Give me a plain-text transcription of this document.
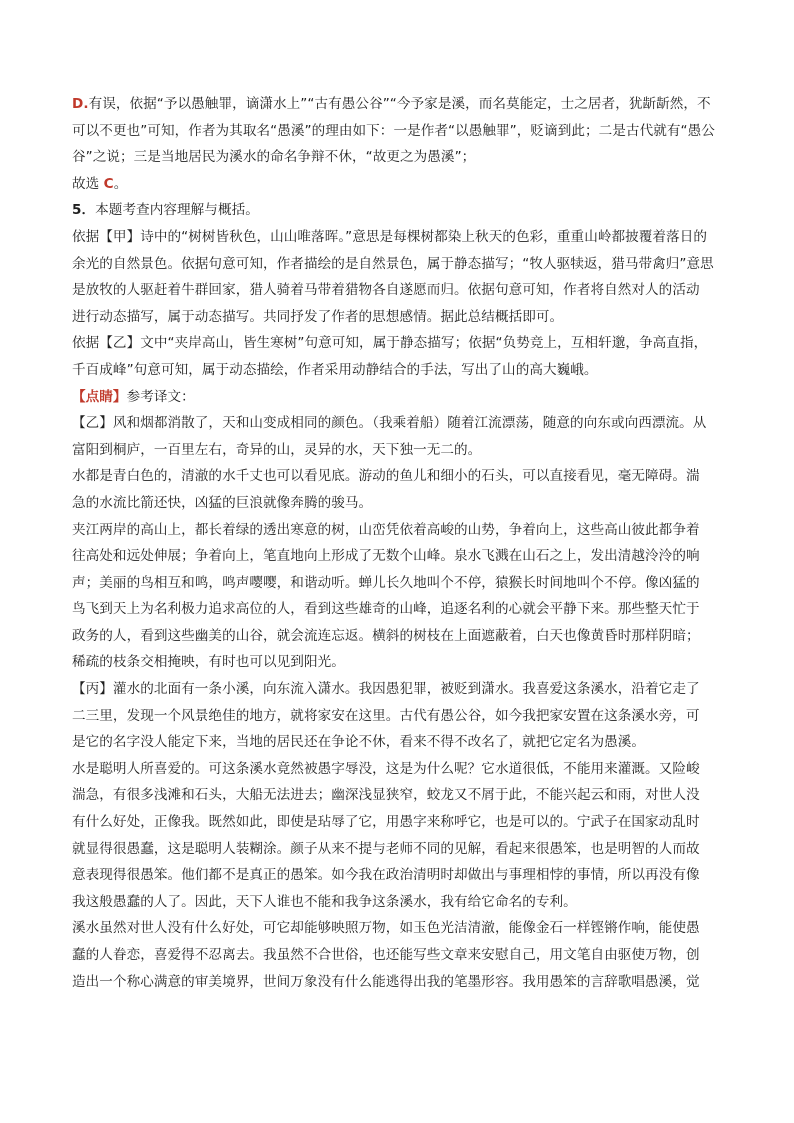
D.有误，依据“予以愚触罪，谪潇水上”“古有愚公谷”“今予家是溪，而名莫能定，士之居者，犹龂龂然，不
可以不更也”可知，作者为其取名“愚溪”的理由如下：一是作者“以愚触罪”，贬谪到此；二是古代就有“愚公
谷”之说；三是当地居民为溪水的命名争辩不休，“故更之为愚溪”；
故选 C。
5．本题考查内容理解与概括。
依据【甲】诗中的“树树皆秋色，山山唯落晖。”意思是每棵树都染上秋天的色彩，重重山岭都披覆着落日的
余光的自然景色。依据句意可知，作者描绘的是自然景色，属于静态描写；“牧人驱犊返，猎马带禽归”意思
是放牧的人驱赶着牛群回家，猎人骑着马带着猎物各自遂愿而归。依据句意可知，作者将自然对人的活动
进行动态描写，属于动态描写。共同抒发了作者的思想感情。据此总结概括即可。
依据【乙】文中“夹岸高山，皆生寒树”句意可知，属于静态描写；依据“负势竞上，互相轩邈，争高直指，
千百成峰”句意可知，属于动态描绘，作者采用动静结合的手法，写出了山的高大巍峨。
【点睛】参考译文：
【乙】风和烟都消散了，天和山变成相同的颜色。（我乘着船）随着江流漂荡，随意的向东或向西漂流。从
富阳到桐庐，一百里左右，奇异的山，灵异的水，天下独一无二的。
水都是青白色的，清澈的水千丈也可以看见底。游动的鱼儿和细小的石头，可以直接看见，毫无障碍。湍
急的水流比箭还快，凶猛的巨浪就像奔腾的骏马。
夹江两岸的高山上，都长着绿的透出寒意的树，山峦凭依着高峻的山势，争着向上，这些高山彼此都争着
往高处和远处伸展；争着向上，笔直地向上形成了无数个山峰。泉水飞溅在山石之上，发出清越泠泠的响
声；美丽的鸟相互和鸣，鸣声嘤嘤，和谐动听。蝉儿长久地叫个不停，猿猴长时间地叫个不停。像凶猛的
鸟飞到天上为名利极力追求高位的人，看到这些雄奇的山峰，追逐名利的心就会平静下来。那些整天忙于
政务的人，看到这些幽美的山谷，就会流连忘返。横斜的树枝在上面遮蔽着，白天也像黄昏时那样阴暗；
稀疏的枝条交相掩映，有时也可以见到阳光。
【丙】灌水的北面有一条小溪，向东流入潇水。我因愚犯罪，被贬到潇水。我喜爱这条溪水，沿着它走了
二三里，发现一个风景绝佳的地方，就将家安在这里。古代有愚公谷，如今我把家安置在这条溪水旁，可
是它的名字没人能定下来，当地的居民还在争论不休，看来不得不改名了，就把它定名为愚溪。
水是聪明人所喜爱的。可这条溪水竟然被愚字辱没，这是为什么呢？它水道很低，不能用来灌溉。又险峻
湍急，有很多浅滩和石头，大船无法进去；幽深浅显狭窄，蛟龙又不屑于此，不能兴起云和雨，对世人没
有什么好处，正像我。既然如此，即使是玷辱了它，用愚字来称呼它，也是可以的。宁武子在国家动乱时
就显得很愚蠢，这是聪明人装糊涂。颜子从来不提与老师不同的见解，看起来很愚笨，也是明智的人而故
意表现得很愚笨。他们都不是真正的愚笨。如今我在政治清明时却做出与事理相悖的事情，所以再没有像
我这般愚蠢的人了。因此，天下人谁也不能和我争这条溪水，我有给它命名的专利。
溪水虽然对世人没有什么好处，可它却能够映照万物，如玉色光洁清澈，能像金石一样铿锵作响，能使愚
蠢的人眷恋，喜爱得不忍离去。我虽然不合世俗，也还能写些文章来安慰自己，用文笔自由驱使万物，创
造出一个称心满意的审美境界，世间万象没有什么能逃得出我的笔墨形容。我用愚笨的言辞歌唱愚溪，觉
